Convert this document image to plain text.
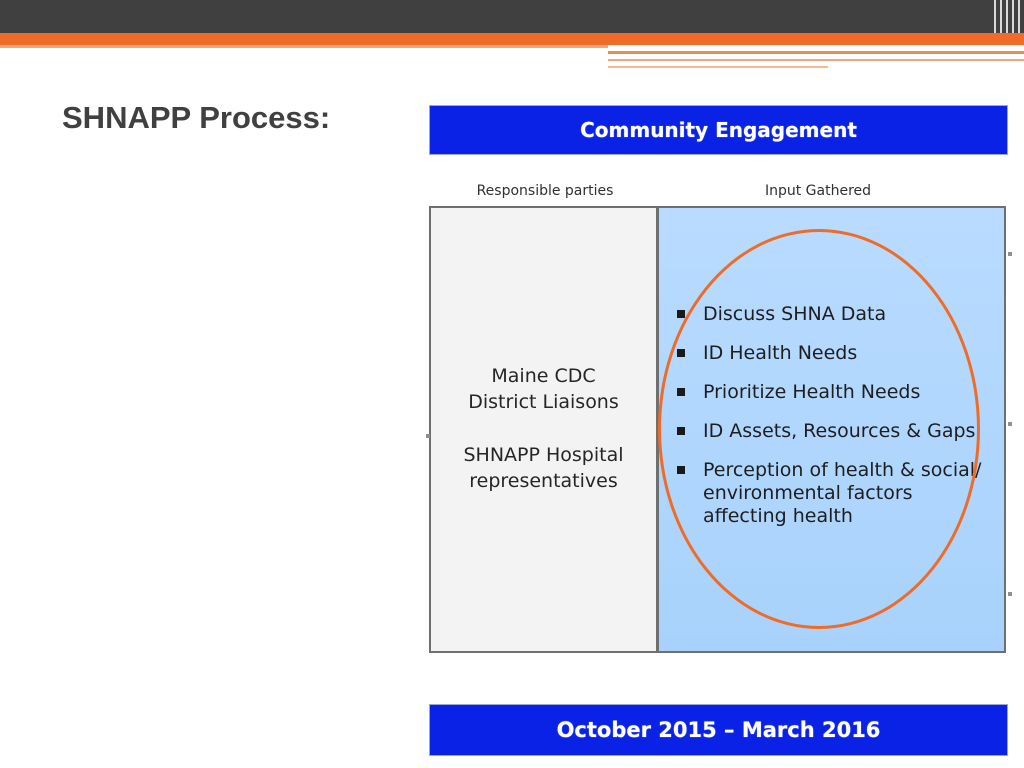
SHNAPP Process:	Community Engagement
Responsible parties	Input Gathered
Maine CDC District Liaisons
SHNAPP Hospital representatives
Discuss SHNA Data
ID Health Needs
Prioritize Health Needs
ID Assets, Resources & Gaps
Perception of health & social/ environmental factors affecting health
October 2015 – March 2016
